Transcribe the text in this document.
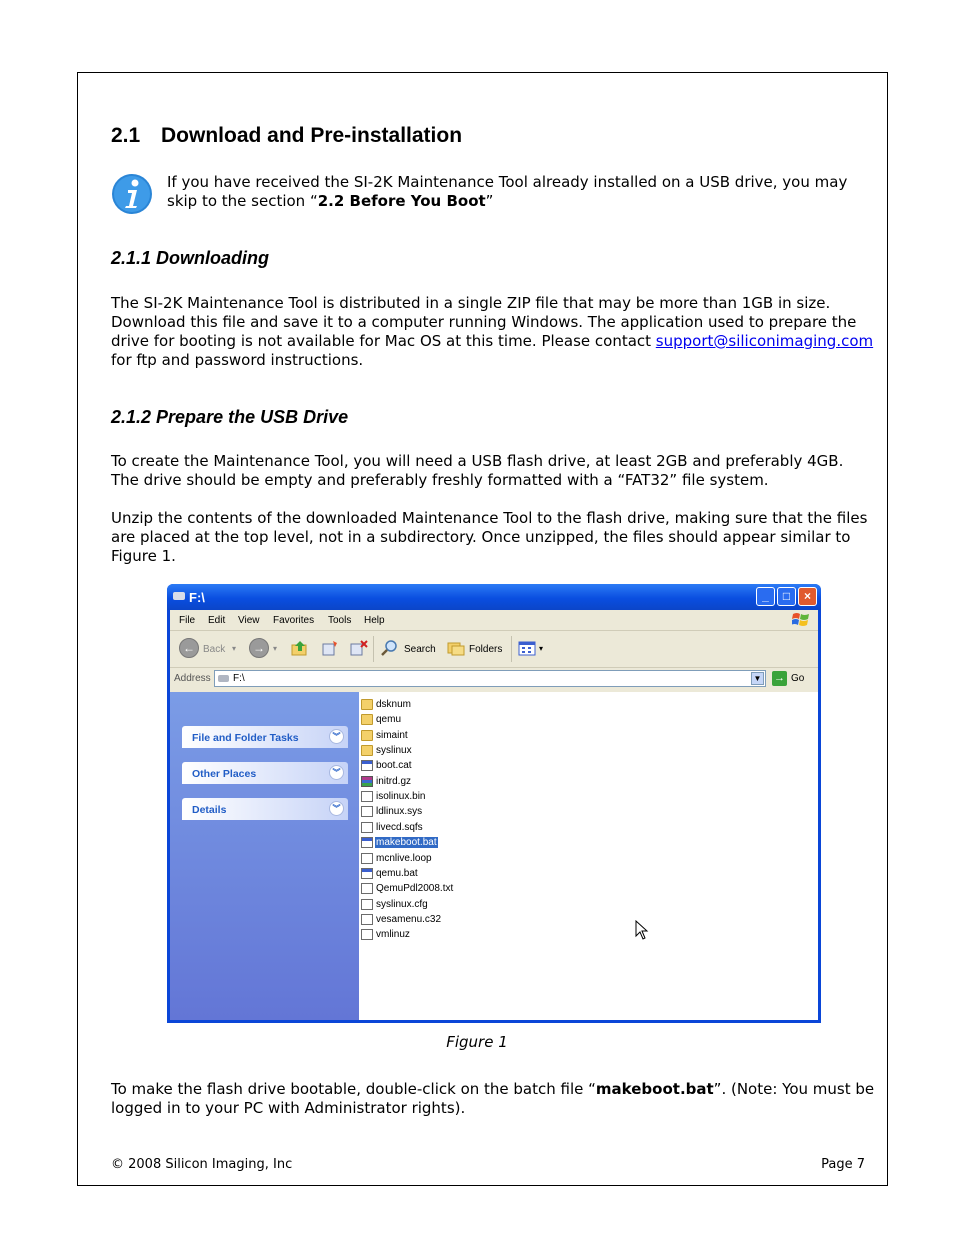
2.1 Download and Pre-installation
If you have received the SI-2K Maintenance Tool already installed on a USB drive, you may skip to the section “2.2 Before You Boot”
2.1.1 Downloading

The SI-2K Maintenance Tool is distributed in a single ZIP file that may be more than 1GB in size. Download this file and save it to a computer running Windows. The application used to prepare the drive for booting is not available for Mac OS at this time. Please contact support@siliconimaging.com for ftp and password instructions.

2.1.2 Prepare the USB Drive

To create the Maintenance Tool, you will need a USB flash drive, at least 2GB and preferably 4GB. The drive should be empty and preferably freshly formatted with a “FAT32” file system.

Unzip the contents of the downloaded Maintenance Tool to the flash drive, making sure that the files are placed at the top level, not in a subdirectory. Once unzipped, the files should appear similar to Figure 1.

F:\	_	□	×
File Edit View Favorites Tools Help
← Back ▾	→	▾	Search	Folders	▾
Address F:\	▼ → Go
File and Folder Tasks	︾
Other Places	︾
Details	︾
dsknum
qemu
simaint
syslinux
boot.cat
initrd.gz
isolinux.bin
ldlinux.sys
livecd.sqfs
makeboot.bat
mcnlive.loop
qemu.bat
QemuPdl2008.txt
syslinux.cfg
vesamenu.c32
vmlinuz
Figure 1

To make the flash drive bootable, double-click on the batch file “makeboot.bat”. (Note: You must be logged in to your PC with Administrator rights).

© 2008 Silicon Imaging, Inc	Page 7
